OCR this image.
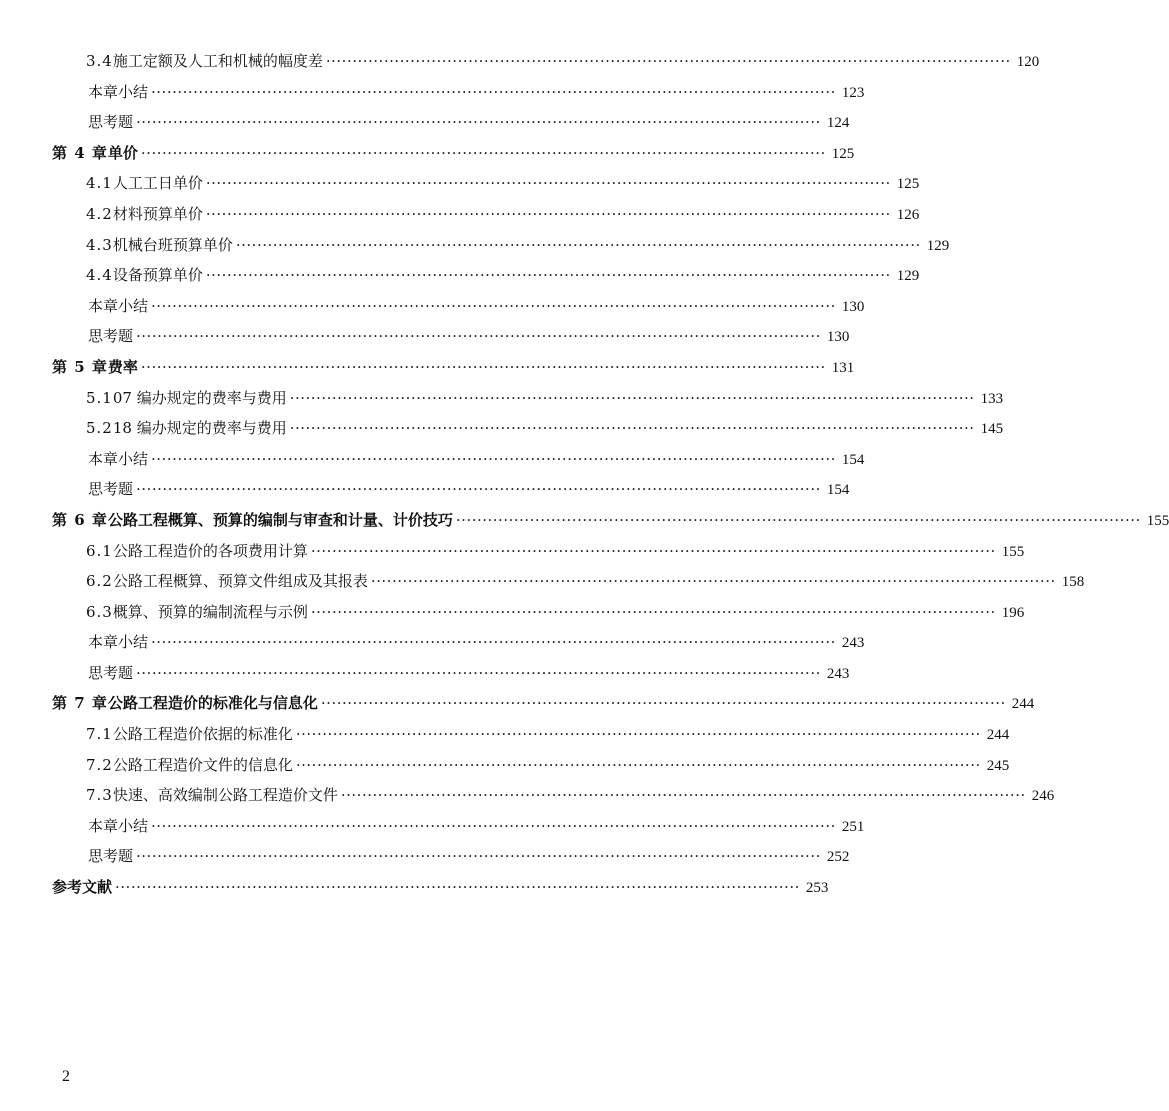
3.4 施工定额及人工和机械的幅度差 ·································································································································· 120
本章小结 ·································································································································· 123
思考题 ·································································································································· 124
第 4 章 单价 ·································································································································· 125
4.1 人工工日单价 ·································································································································· 125
4.2 材料预算单价 ·································································································································· 126
4.3 机械台班预算单价 ·································································································································· 129
4.4 设备预算单价 ·································································································································· 129
本章小结 ·································································································································· 130
思考题 ·································································································································· 130
第 5 章 费率 ·································································································································· 131
5.1 07 编办规定的费率与费用 ·································································································································· 133
5.2 18 编办规定的费率与费用 ·································································································································· 145
本章小结 ·································································································································· 154
思考题 ·································································································································· 154
第 6 章 公路工程概算、预算的编制与审查和计量、计价技巧 ·································································································································· 155
6.1 公路工程造价的各项费用计算 ·································································································································· 155
6.2 公路工程概算、预算文件组成及其报表 ·································································································································· 158
6.3 概算、预算的编制流程与示例 ·································································································································· 196
本章小结 ·································································································································· 243
思考题 ·································································································································· 243
第 7 章 公路工程造价的标准化与信息化 ·································································································································· 244
7.1 公路工程造价依据的标准化 ·································································································································· 244
7.2 公路工程造价文件的信息化 ·································································································································· 245
7.3 快速、高效编制公路工程造价文件 ·································································································································· 246
本章小结 ·································································································································· 251
思考题 ·································································································································· 252
参考文献 ·································································································································· 253
2
